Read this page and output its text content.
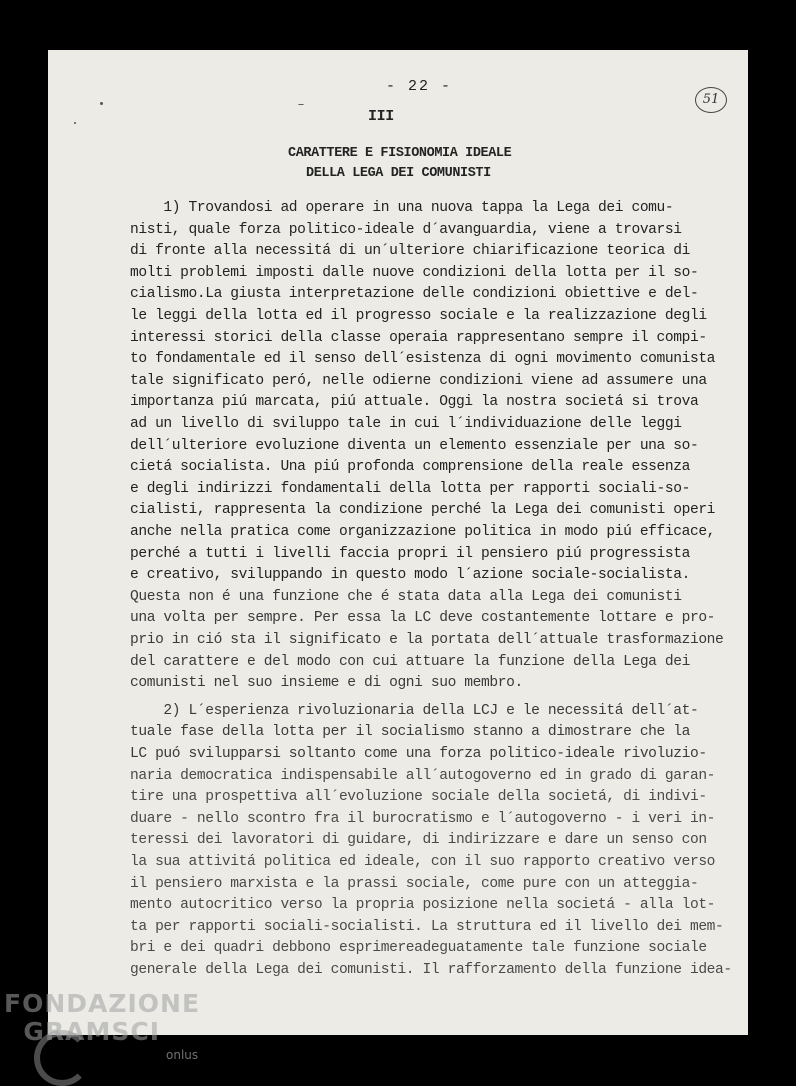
- 22 -
III
CARATTERE E FISIONOMIA IDEALE
DELLA LEGA DEI COMUNISTI
51
1) Trovandosi ad operare in una nuova tappa la Lega dei comu-
nisti, quale forza politico-ideale d´avanguardia, viene a trovarsi
di fronte alla necessitá di un´ulteriore chiarificazione teorica di
molti problemi imposti dalle nuove condizioni della lotta per il so-
cialismo.La giusta interpretazione delle condizioni obiettive e del-
le leggi della lotta ed il progresso sociale e la realizzazione degli
interessi storici della classe operaia rappresentano sempre il compi-
to fondamentale ed il senso dell´esistenza di ogni movimento comunista
tale significato peró, nelle odierne condizioni viene ad assumere una
importanza piú marcata, piú attuale. Oggi la nostra societá si trova
ad un livello di sviluppo tale in cui l´individuazione delle leggi
dell´ulteriore evoluzione diventa un elemento essenziale per una so-
cietá socialista. Una piú profonda comprensione della reale essenza
e degli indirizzi fondamentali della lotta per rapporti sociali-so-
cialisti, rappresenta la condizione perché la Lega dei comunisti operi
anche nella pratica come organizzazione politica in modo piú efficace,
perché a tutti i livelli faccia propri il pensiero piú progressista
e creativo, sviluppando in questo modo l´azione sociale-socialista.
Questa non é una funzione che é stata data alla Lega dei comunisti
una volta per sempre. Per essa la LC deve costantemente lottare e pro-
prio in ció sta il significato e la portata dell´attuale trasformazione
del carattere e del modo con cui attuare la funzione della Lega dei
comunisti nel suo insieme e di ogni suo membro.
2) L´esperienza rivoluzionaria della LCJ e le necessitá dell´at-
tuale fase della lotta per il socialismo stanno a dimostrare che la
LC puó svilupparsi soltanto come una forza politico-ideale rivoluzio-
naria democratica indispensabile all´autogoverno ed in grado di garan-
tire una prospettiva all´evoluzione sociale della societá, di indivi-
duare - nello scontro fra il burocratismo e l´autogoverno - i veri in-
teressi dei lavoratori di guidare, di indirizzare e dare un senso con
la sua attivitá politica ed ideale, con il suo rapporto creativo verso
il pensiero marxista e la prassi sociale, come pure con un atteggia-
mento autocritico verso la propria posizione nella societá - alla lot-
ta per rapporti sociali-socialisti. La struttura ed il livello dei mem-
bri e dei quadri debbono esprimereadeguatamente tale funzione sociale
generale della Lega dei comunisti. Il rafforzamento della funzione idea-
FONDAZIONE
GRAMSCI
onlus
